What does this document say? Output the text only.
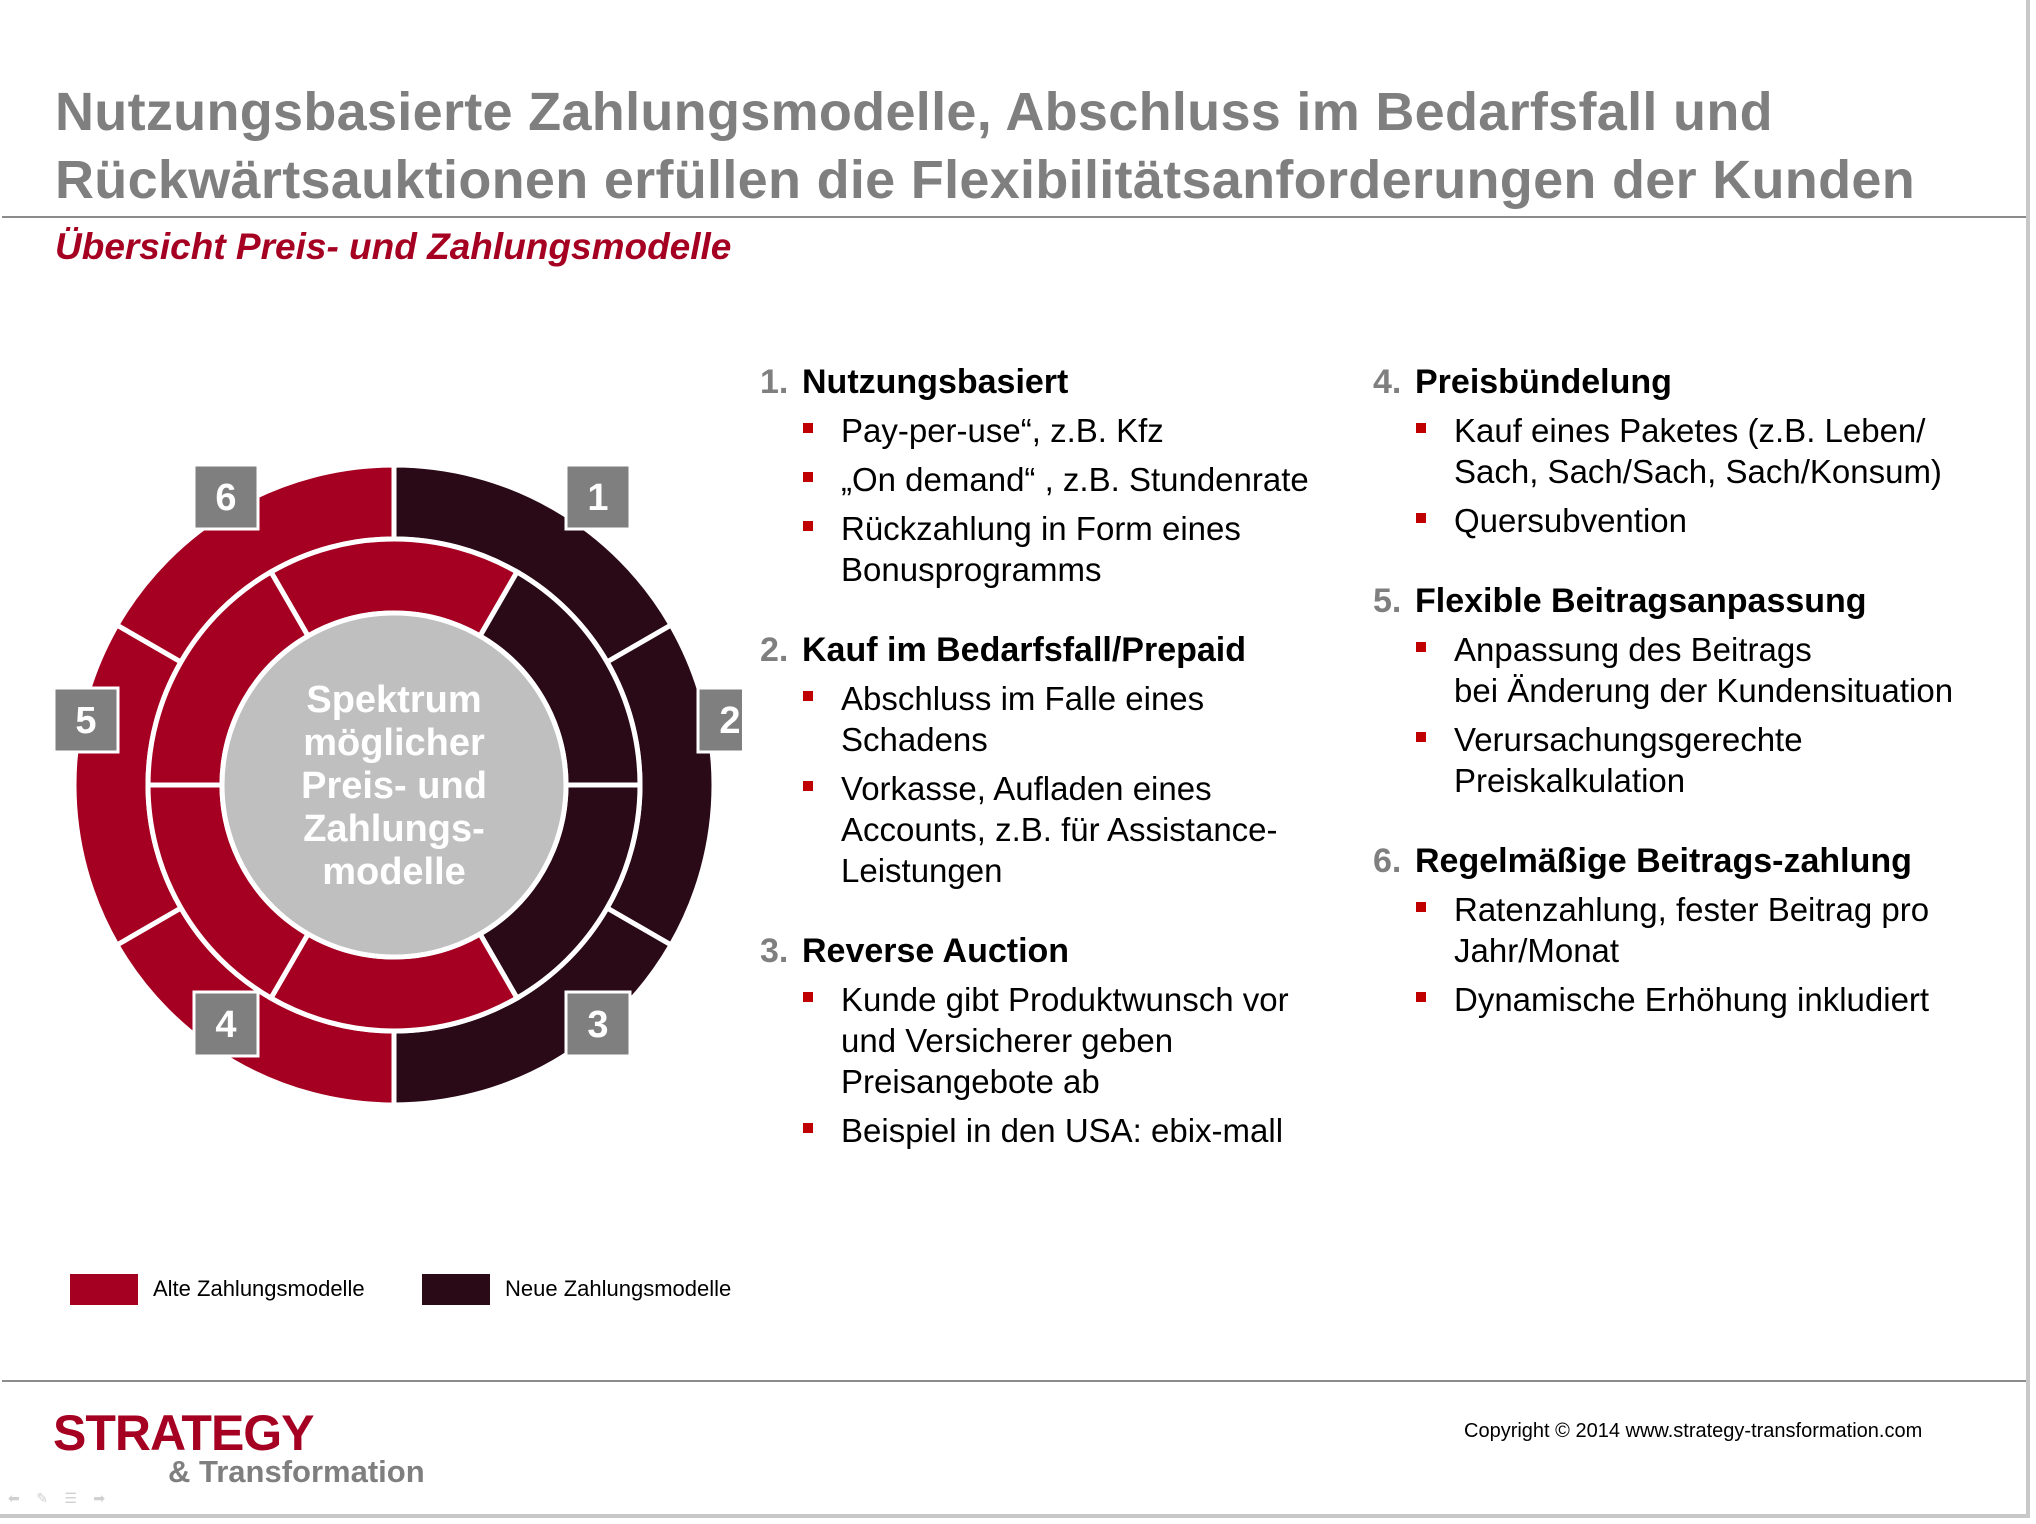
Nutzungsbasierte Zahlungsmodelle, Abschluss im Bedarfsfall und
Rückwärtsauktionen erfüllen die Flexibilitätsanforderungen der Kunden
Übersicht Preis- und Zahlungsmodelle
Spektrum möglicher Preis- und Zahlungs-modelle
1
2
3
4
5
6
1. Nutzungsbasiert
Pay-per-use“, z.B. Kfz
„On demand“ , z.B. Stundenrate
Rückzahlung in Form eines
Bonusprogramms
2. Kauf im Bedarfsfall/Prepaid
Abschluss im Falle eines
Schadens
Vorkasse, Aufladen eines
Accounts, z.B. für Assistance-
Leistungen
3. Reverse Auction
Kunde gibt Produktwunsch vor
und Versicherer geben
Preisangebote ab
Beispiel in den USA: ebix-mall
4. Preisbündelung
Kauf eines Paketes (z.B. Leben/
Sach, Sach/Sach, Sach/Konsum)
Quersubvention
5. Flexible Beitragsanpassung
Anpassung des Beitrags
bei Änderung der Kundensituation
Verursachungsgerechte
Preiskalkulation
6. Regelmäßige Beitrags-zahlung
Ratenzahlung, fester Beitrag pro
Jahr/Monat
Dynamische Erhöhung inkludiert
Alte Zahlungsmodelle	Neue Zahlungsmodelle
STRATEGY
& Transformation
Copyright © 2014 www.strategy-transformation.com
⬅ ✎ ☰ ➡
